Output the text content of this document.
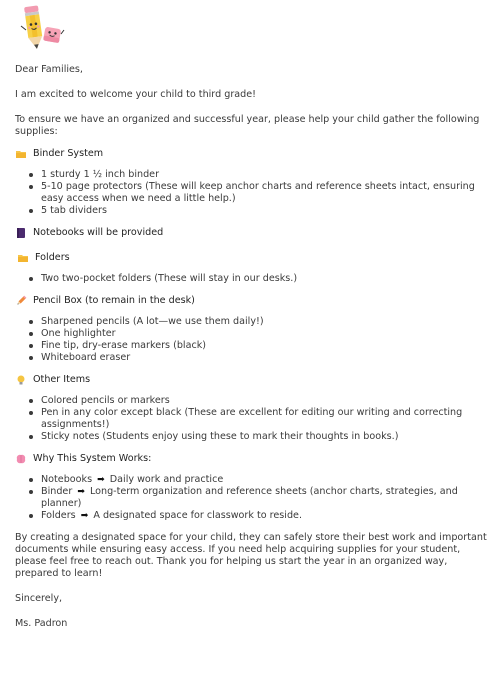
Dear Families,

I am excited to welcome your child to third grade!

To ensure we have an organized and successful year, please help your child gather the following supplies:

Binder System
1 sturdy 1 ½ inch binder
5-10 page protectors (These will keep anchor charts and reference sheets intact, ensuring easy access when we need a little help.)
5 tab dividers
Notebooks will be provided
Folders
Two two-pocket folders (These will stay in our desks.)
Pencil Box (to remain in the desk)
Sharpened pencils (A lot—we use them daily!)
One highlighter
Fine tip, dry-erase markers (black)
Whiteboard eraser
Other Items
Colored pencils or markers
Pen in any color except black (These are excellent for editing our writing and correcting assignments!)
Sticky notes (Students enjoy using these to mark their thoughts in books.)
Why This System Works:
Notebooks ➡ Daily work and practice
Binder ➡ Long-term organization and reference sheets (anchor charts, strategies, and planner)
Folders ➡ A designated space for classwork to reside.

By creating a designated space for your child, they can safely store their best work and important documents while ensuring easy access. If you need help acquiring supplies for your student, please feel free to reach out. Thank you for helping us start the year in an organized way, prepared to learn!

Sincerely,

Ms. Padron
